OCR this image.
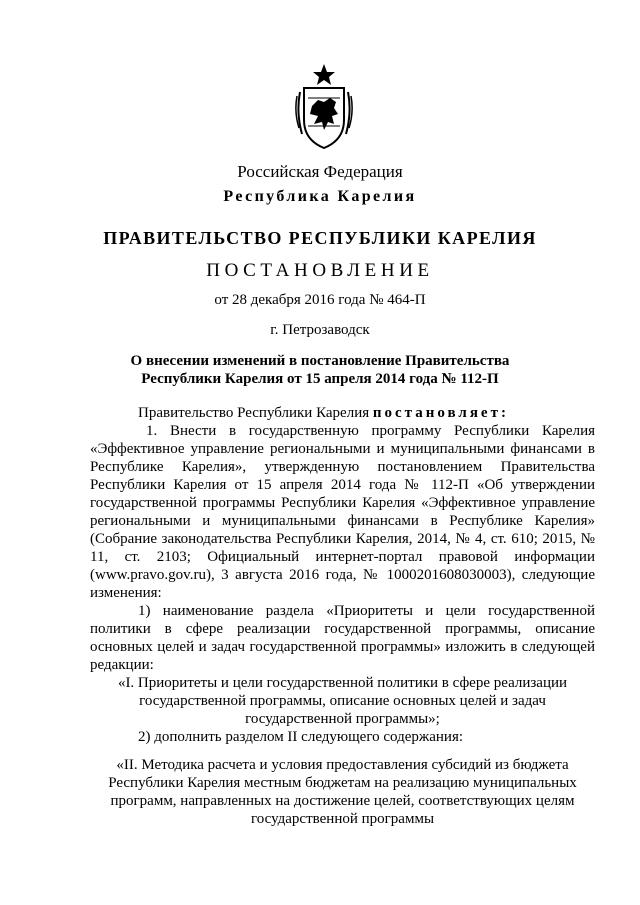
Российская Федерация
Республика Карелия
ПРАВИТЕЛЬСТВО РЕСПУБЛИКИ КАРЕЛИЯ
ПОСТАНОВЛЕНИЕ
от 28 декабря 2016 года № 464-П
г. Петрозаводск
О внесении изменений в постановление Правительства
Республики Карелия от 15 апреля 2014 года № 112-П

Правительство Республики Карелия постановляет:

1. Внести в государственную программу Республики Карелия «Эффективное управление региональными и муниципальными финансами в Республике Карелия», утвержденную постановлением Правительства Республики Карелия от 15 апреля 2014 года № 112-П «Об утверждении государственной программы Республики Карелия «Эффективное управление региональными и муниципальными финансами в Республике Карелия» (Собрание законодательства Республики Карелия, 2014, № 4, ст. 610; 2015, № 11, ст. 2103; Официальный интернет-портал правовой информации (www.pravo.gov.ru), 3 августа 2016 года, № 1000201608030003), следующие изменения:

1) наименование раздела «Приоритеты и цели государственной политики в сфере реализации государственной программы, описание основных целей и задач государственной программы» изложить в следующей редакции:

«I. Приоритеты и цели государственной политики в сфере реализации
государственной программы, описание основных целей и задач
государственной программы»;

2) дополнить разделом II следующего содержания:

«II. Методика расчета и условия предоставления субсидий из бюджета
Республики Карелия местным бюджетам на реализацию муниципальных
программ, направленных на достижение целей, соответствующих целям
государственной программы
